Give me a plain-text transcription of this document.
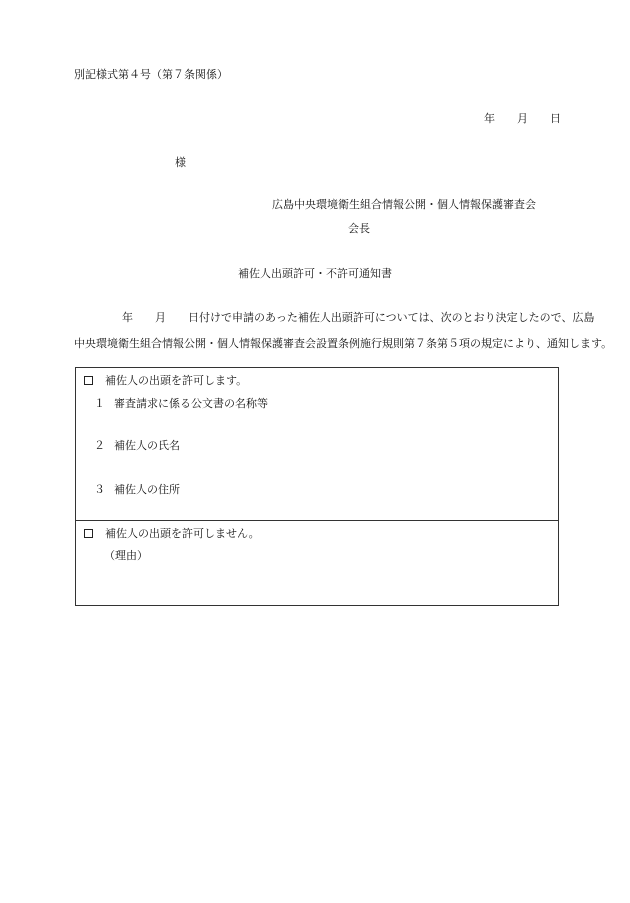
別記様式第４号（第７条関係）
年 月 日
様
広島中央環境衛生組合情報公開・個人情報保護審査会
会長
補佐人出頭許可・不許可通知書
年 月 日付けで申請のあった補佐人出頭許可については、次のとおり決定したので、広島
中央環境衛生組合情報公開・個人情報保護審査会設置条例施行規則第７条第５項の規定により、通知します。
補佐人の出頭を許可します。
１ 審査請求に係る公文書の名称等
２ 補佐人の氏名
３ 補佐人の住所
補佐人の出頭を許可しません。
（理由）
